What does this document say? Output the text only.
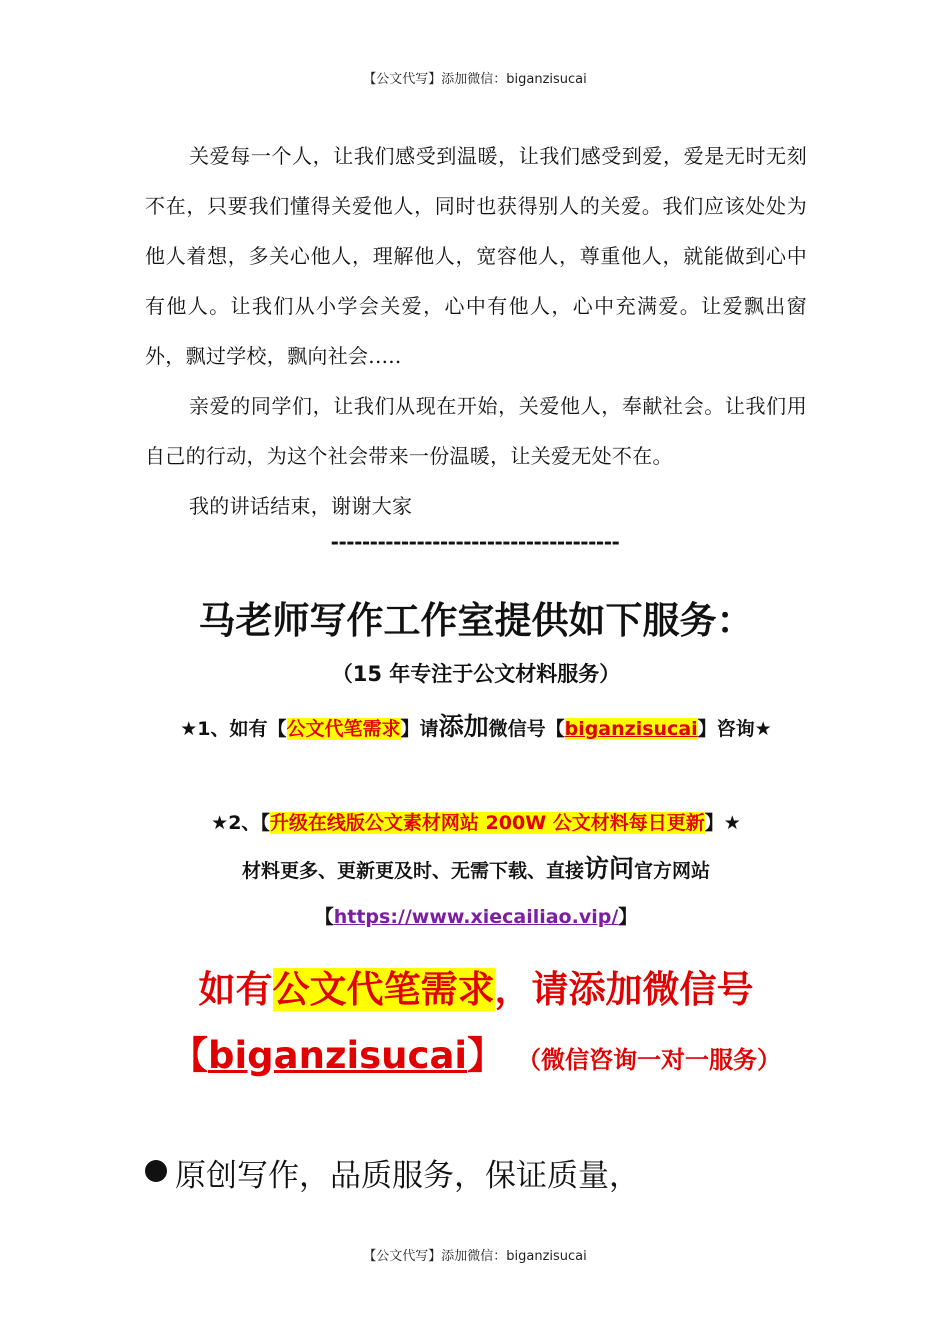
【公文代写】添加微信：biganzisucai

关爱每一个人，让我们感受到温暖，让我们感受到爱，爱是无时无刻不在，只要我们懂得关爱他人，同时也获得别人的关爱。我们应该处处为他人着想，多关心他人，理解他人，宽容他人，尊重他人，就能做到心中有他人。让我们从小学会关爱，心中有他人，心中充满爱。让爱飘出窗外，飘过学校，飘向社会.....

亲爱的同学们，让我们从现在开始，关爱他人，奉献社会。让我们用自己的行动，为这个社会带来一份温暖，让关爱无处不在。

我的讲话结束，谢谢大家

-------------------------------------
马老师写作工作室提供如下服务：
（15 年专注于公文材料服务）
★1、如有【公文代笔需求】请添加微信号【biganzisucai】咨询★
★2、【升级在线版公文素材网站 200W 公文材料每日更新】★
材料更多、更新更及时、无需下载、直接访问官方网站
【https://www.xiecailiao.vip/】
如有公文代笔需求，请添加微信号【biganzisucai】 （微信咨询一对一服务）
原创写作，品质服务，保证质量，
【公文代写】添加微信：biganzisucai
